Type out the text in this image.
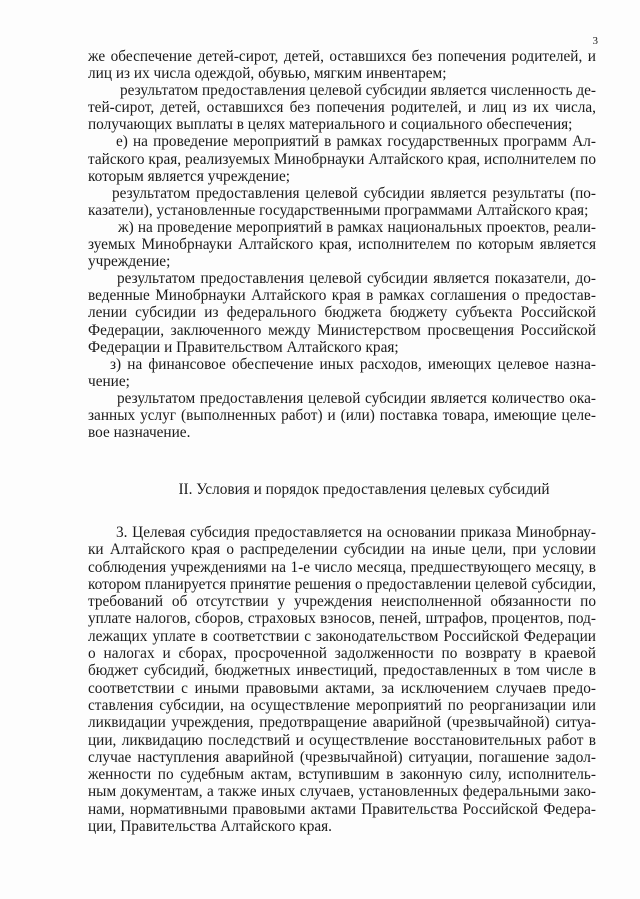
3
же обеспечение детей-сирот, детей, оставшихся без попечения родителей, и
лиц из их числа одеждой, обувью, мягким инвентарем;
результатом предоставления целевой субсидии является численность де-
тей-сирот, детей, оставшихся без попечения родителей, и лиц из их числа,
получающих выплаты в целях материального и социального обеспечения;
е) на проведение мероприятий в рамках государственных программ Ал-
тайского края, реализуемых Минобрнауки Алтайского края, исполнителем по
которым является учреждение;
результатом предоставления целевой субсидии является результаты (по-
казатели), установленные государственными программами Алтайского края;
ж) на проведение мероприятий в рамках национальных проектов, реали-
зуемых Минобрнауки Алтайского края, исполнителем по которым является
учреждение;
результатом предоставления целевой субсидии является показатели, до-
веденные Минобрнауки Алтайского края в рамках соглашения о предостав-
лении субсидии из федерального бюджета бюджету субъекта Российской
Федерации, заключенного между Министерством просвещения Российской
Федерации и Правительством Алтайского края;
з) на финансовое обеспечение иных расходов, имеющих целевое назна-
чение;
результатом предоставления целевой субсидии является количество ока-
занных услуг (выполненных работ) и (или) поставка товара, имеющие целе-
вое назначение.
II. Условия и порядок предоставления целевых субсидий
3. Целевая субсидия предоставляется на основании приказа Минобрнау-
ки Алтайского края о распределении субсидии на иные цели, при условии
соблюдения учреждениями на 1-е число месяца, предшествующего месяцу, в
котором планируется принятие решения о предоставлении целевой субсидии,
требований об отсутствии у учреждения неисполненной обязанности по
уплате налогов, сборов, страховых взносов, пеней, штрафов, процентов, под-
лежащих уплате в соответствии с законодательством Российской Федерации
о налогах и сборах, просроченной задолженности по возврату в краевой
бюджет субсидий, бюджетных инвестиций, предоставленных в том числе в
соответствии с иными правовыми актами, за исключением случаев предо-
ставления субсидии, на осуществление мероприятий по реорганизации или
ликвидации учреждения, предотвращение аварийной (чрезвычайной) ситуа-
ции, ликвидацию последствий и осуществление восстановительных работ в
случае наступления аварийной (чрезвычайной) ситуации, погашение задол-
женности по судебным актам, вступившим в законную силу, исполнитель-
ным документам, а также иных случаев, установленных федеральными зако-
нами, нормативными правовыми актами Правительства Российской Федера-
ции, Правительства Алтайского края.
